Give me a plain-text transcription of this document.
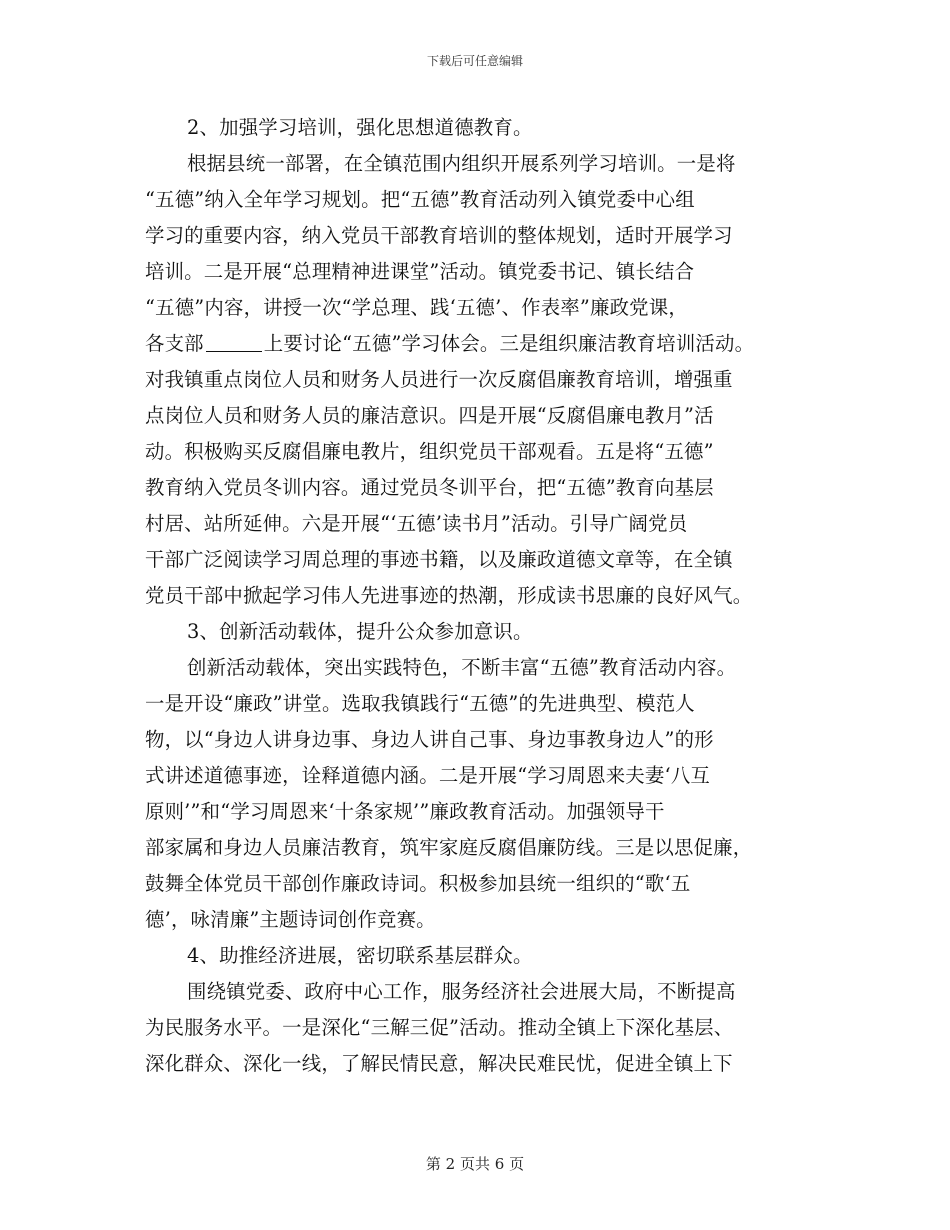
下载后可任意编辑
2、加强学习培训，强化思想道德教育。
根据县统一部署，在全镇范围内组织开展系列学习培训。一是将
“五德”纳入全年学习规划。把“五德”教育活动列入镇党委中心组
学习的重要内容，纳入党员干部教育培训的整体规划，适时开展学习
培训。二是开展“总理精神进课堂”活动。镇党委书记、镇长结合
“五德”内容，讲授一次“学总理、践‘五德’、作表率”廉政党课，
各支部	上要讨论“五德”学习体会。三是组织廉洁教育培训活动。
对我镇重点岗位人员和财务人员进行一次反腐倡廉教育培训，增强重
点岗位人员和财务人员的廉洁意识。四是开展“反腐倡廉电教月”活
动。积极购买反腐倡廉电教片，组织党员干部观看。五是将“五德”
教育纳入党员冬训内容。通过党员冬训平台，把“五德”教育向基层
村居、站所延伸。六是开展“‘五德’读书月”活动。引导广阔党员
干部广泛阅读学习周总理的事迹书籍，以及廉政道德文章等，在全镇
党员干部中掀起学习伟人先进事迹的热潮，形成读书思廉的良好风气。
3、创新活动载体，提升公众参加意识。
创新活动载体，突出实践特色，不断丰富“五德”教育活动内容。
一是开设“廉政”讲堂。选取我镇践行“五德”的先进典型、模范人
物，以“身边人讲身边事、身边人讲自己事、身边事教身边人”的形
式讲述道德事迹，诠释道德内涵。二是开展“学习周恩来夫妻‘八互
原则’”和“学习周恩来‘十条家规’”廉政教育活动。加强领导干
部家属和身边人员廉洁教育，筑牢家庭反腐倡廉防线。三是以思促廉，
鼓舞全体党员干部创作廉政诗词。积极参加县统一组织的“歌‘五
德’，咏清廉”主题诗词创作竞赛。
4、助推经济进展，密切联系基层群众。
围绕镇党委、政府中心工作，服务经济社会进展大局，不断提高
为民服务水平。一是深化“三解三促”活动。推动全镇上下深化基层、
深化群众、深化一线，了解民情民意，解决民难民忧，促进全镇上下
第 2 页共 6 页
